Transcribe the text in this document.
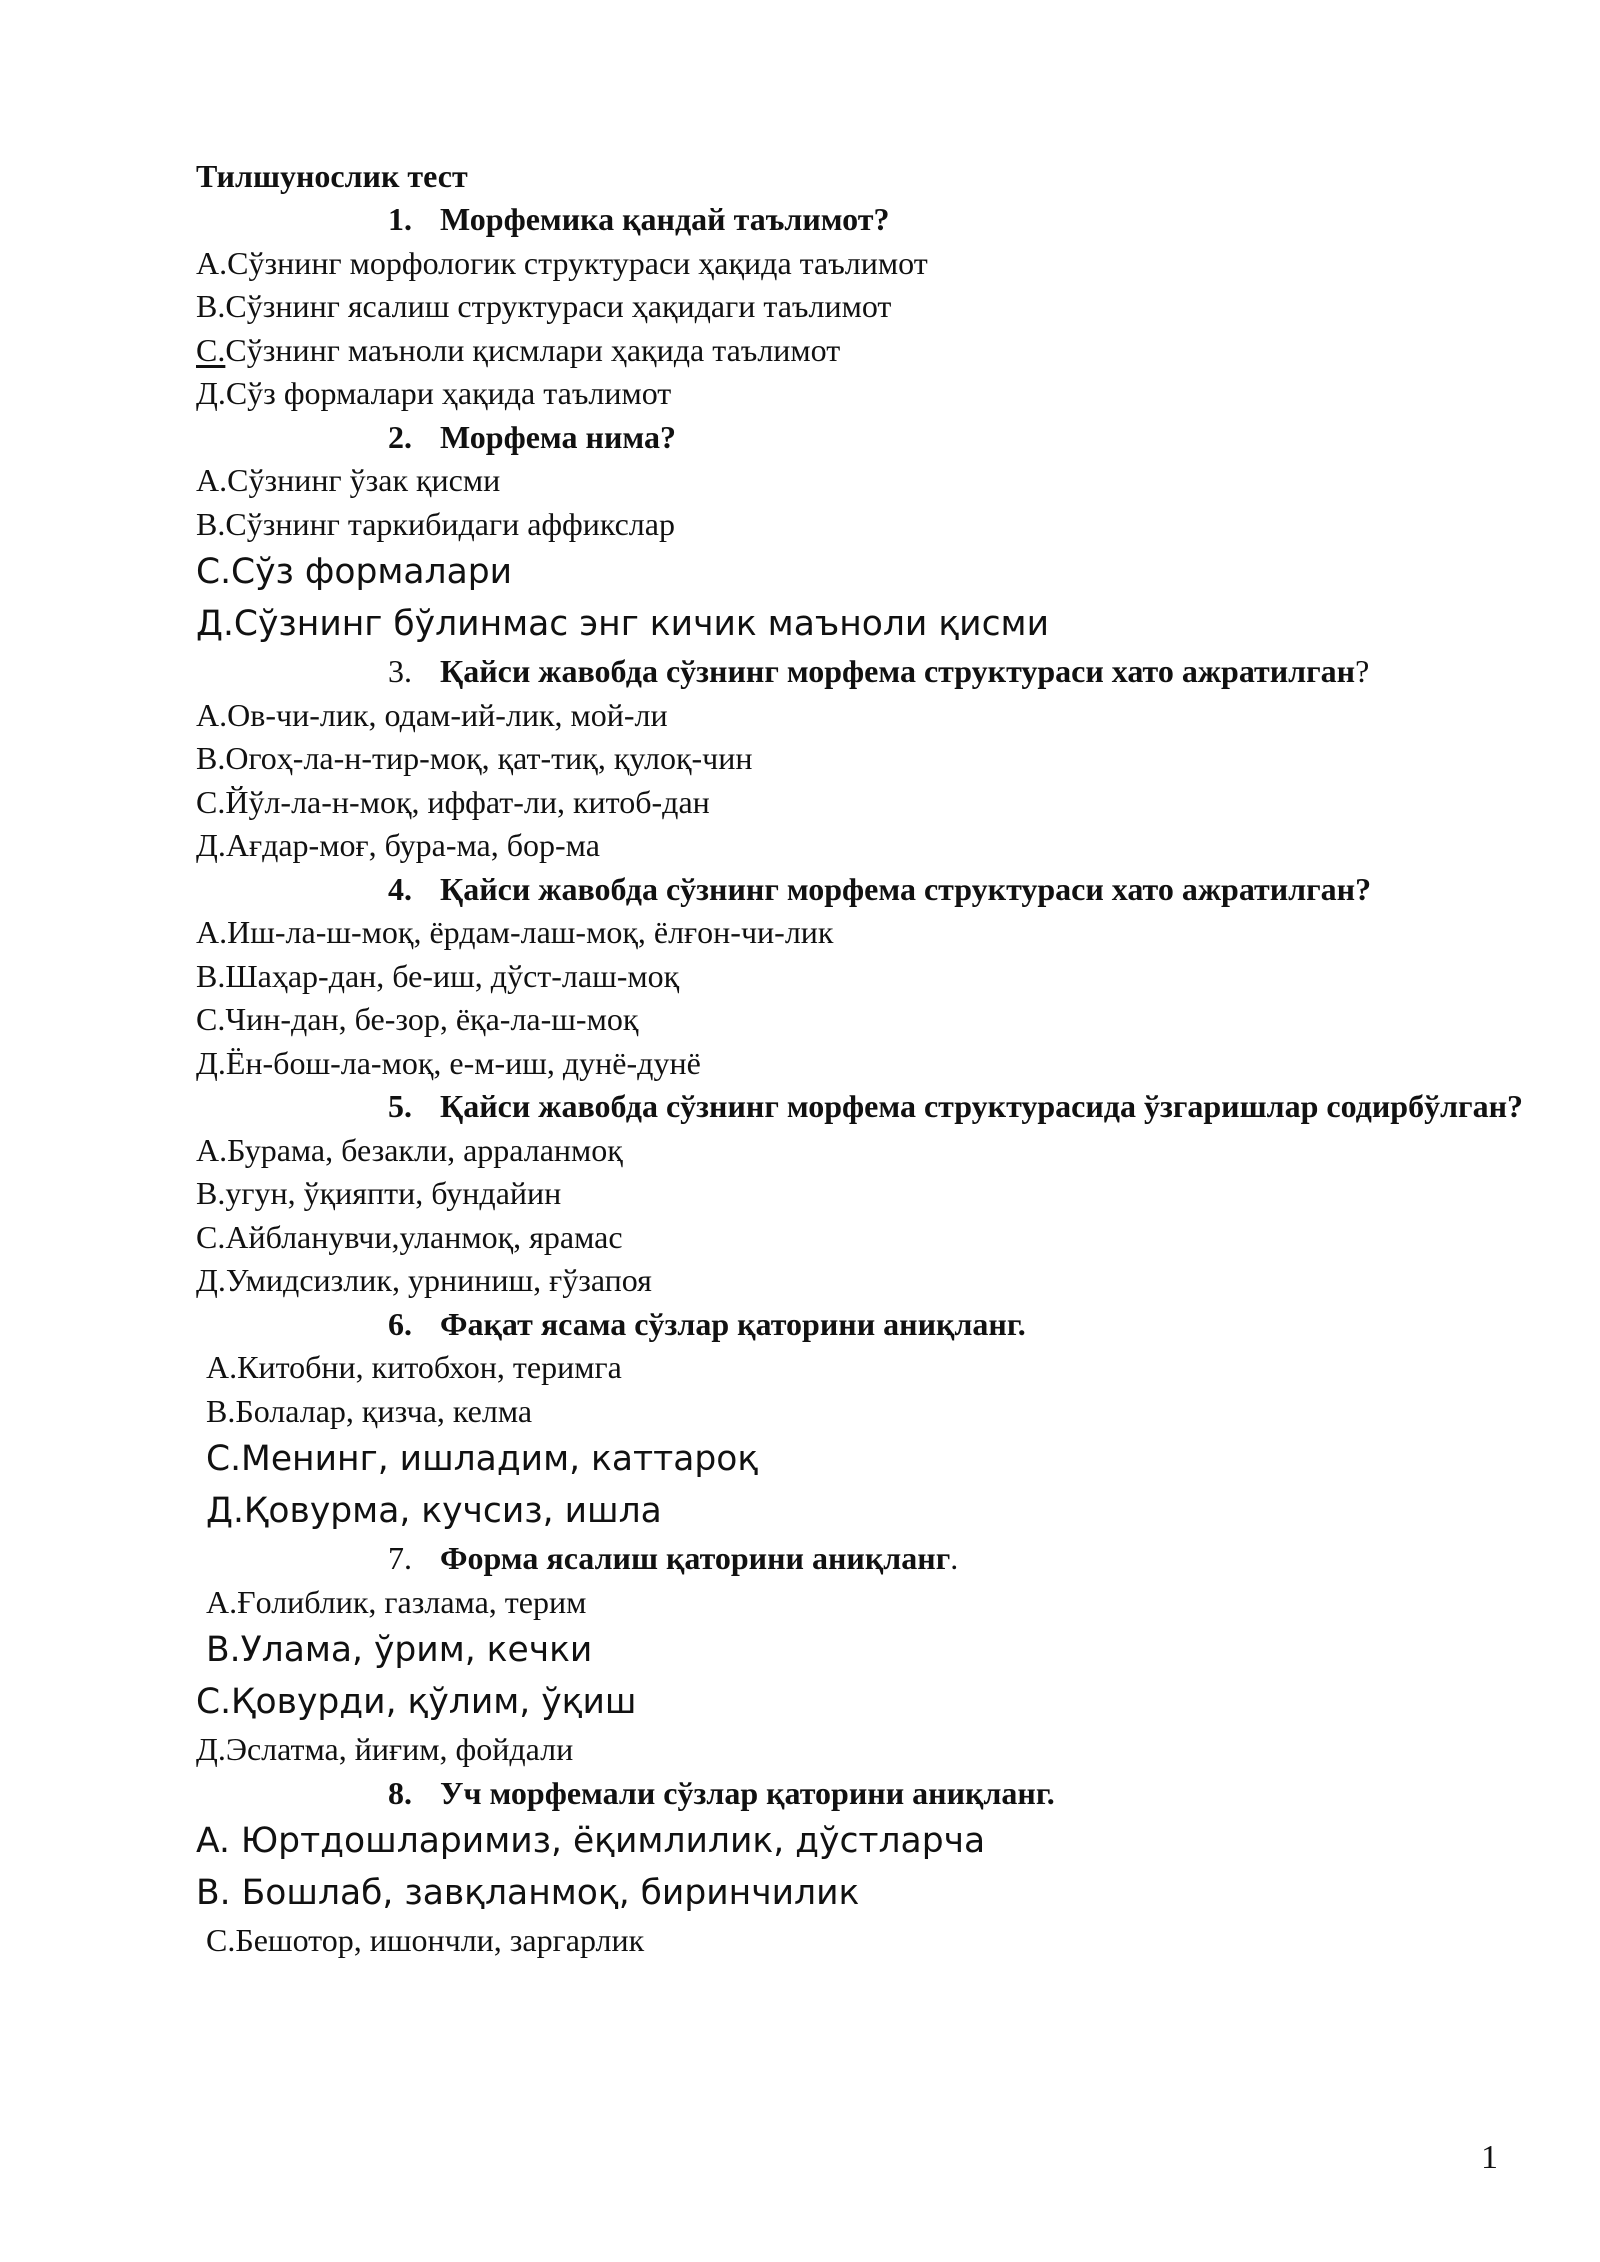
Тилшунослик тест
1. Морфемика қандай таълимот?
A.Сўзнинг морфологик структураси ҳақида таълимот
B.Сўзнинг ясалиш структураси ҳақидаги таълимот
C.Сўзнинг маъноли қисмлари ҳақида таълимот
Д.Сўз формалари ҳақида таълимот
2. Морфема нима?
A.Сўзнинг ўзак қисми
B.Сўзнинг таркибидаги аффикслар
C.Сўз формалари
Д.Сўзнинг бўлинмас энг кичик маъноли қисми
3. Қайси жавобда сўзнинг морфема структураси хато ажратилган?
A.Ов-чи-лик, одам-ий-лик, мой-ли
B.Огоҳ-ла-н-тир-моқ, қат-тиқ, қулоқ-чин
C.Йўл-ла-н-моқ, иффат-ли, китоб-дан
Д.Ағдар-моғ, бура-ма, бор-ма
4. Қайси жавобда сўзнинг морфема структураси хато ажратилган?
A.Иш-ла-ш-моқ, ёрдам-лаш-моқ, ёлғон-чи-лик
B.Шаҳар-дан, бе-иш, дўст-лаш-моқ
C.Чин-дан, бе-зор, ёқа-ла-ш-моқ
Д.Ён-бош-ла-моқ, е-м-иш, дунё-дунё
5. Қайси жавобда сўзнинг морфема структурасида ўзгаришлар содирбўлган?
A.Бурама, безакли, арраланмоқ
B.угун, ўқияпти, бундайин
C.Айбланувчи,уланмоқ, ярамас
Д.Умидсизлик, урниниш, ғўзапоя
6. Фақат ясама сўзлар қаторини аниқланг.
A.Китобни, китобхон, теримга
B.Болалар, қизча, келма
C.Менинг, ишладим, каттароқ
Д.Қовурма, кучсиз, ишла
7. Форма ясалиш қаторини аниқланг.
A.Ғолиблик, газлама, терим
B.Улама, ўрим, кечки
C.Қовурди, қўлим, ўқиш
Д.Эслатма, йиғим, фойдали
8. Уч морфемали сўзлар қаторини аниқланг.
A. Юртдошларимиз, ёқимлилик, дўстларча
B. Бошлаб, завқланмоқ, биринчилик
C.Бешотор, ишончли, заргарлик
1
